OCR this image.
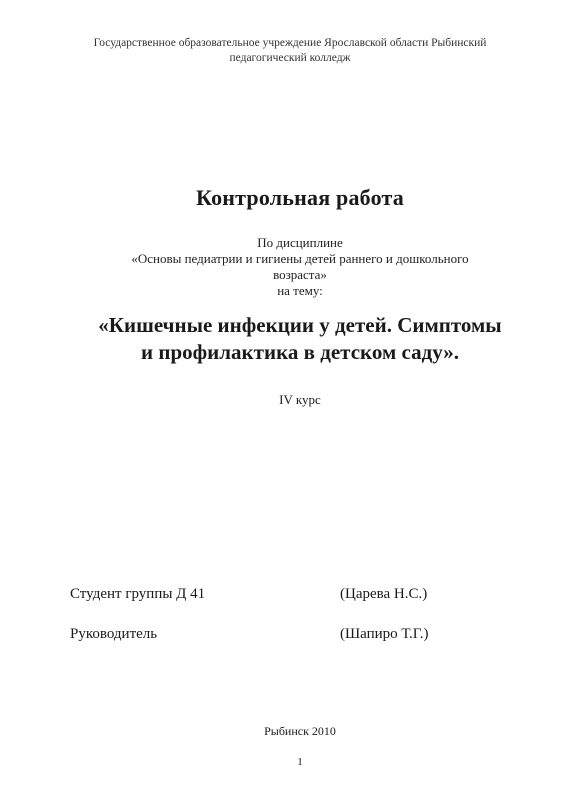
Государственное образовательное учреждение Ярославской области Рыбинский
педагогический колледж
Контрольная работа
По дисциплине
«Основы педиатрии и гигиены детей раннего и дошкольного
возраста»
на тему:
«Кишечные инфекции у детей. Симптомы
и профилактика в детском саду».
IV курс
Студент группы Д 41	(Царева Н.С.)
Руководитель	(Шапиро Т.Г.)
Рыбинск 2010
1
